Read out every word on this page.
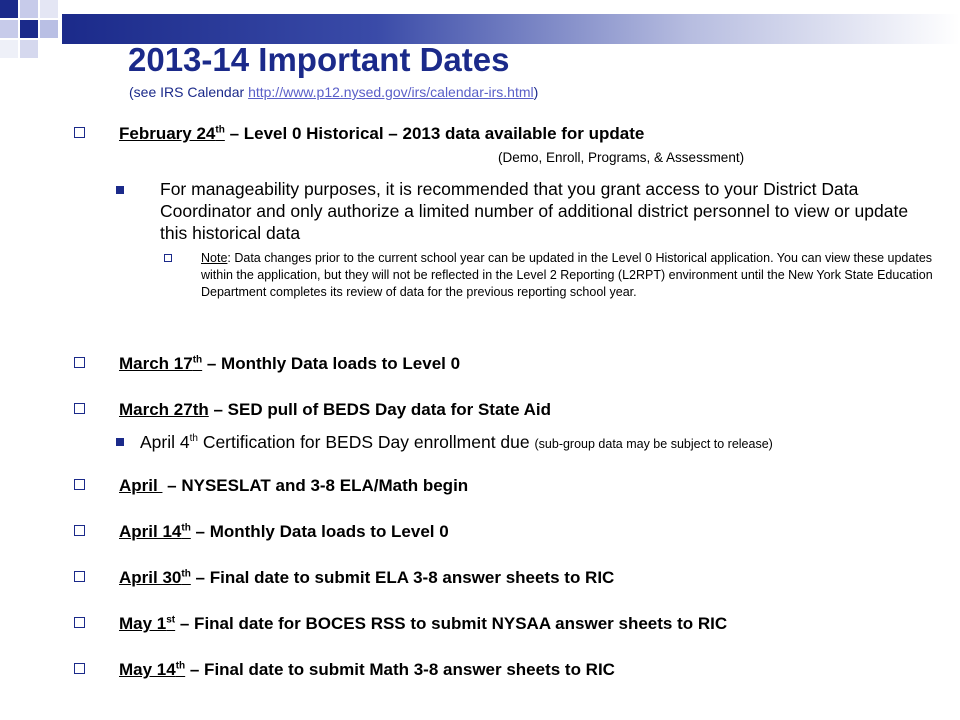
2013-14 Important Dates
(see IRS Calendar http://www.p12.nysed.gov/irs/calendar-irs.html)
February 24th – Level 0 Historical – 2013 data available for update
(Demo, Enroll, Programs, & Assessment)
For manageability purposes, it is recommended that you grant access to your District Data Coordinator and only authorize a limited number of additional district personnel to view or update this historical data
Note: Data changes prior to the current school year can be updated in the Level 0 Historical application. You can view these updates within the application, but they will not be reflected in the Level 2 Reporting (L2RPT) environment until the New York State Education Department completes its review of data for the previous reporting school year.
March 17th – Monthly Data loads to Level 0
March 27th – SED pull of BEDS Day data for State Aid
April 4th Certification for BEDS Day enrollment due (sub-group data may be subject to release)
April  – NYSESLAT and 3-8 ELA/Math begin
April 14th – Monthly Data loads to Level 0
April 30th – Final date to submit ELA 3-8 answer sheets to RIC
May 1st – Final date for BOCES RSS to submit NYSAA answer sheets to RIC
May 14th – Final date to submit Math 3-8 answer sheets to RIC
